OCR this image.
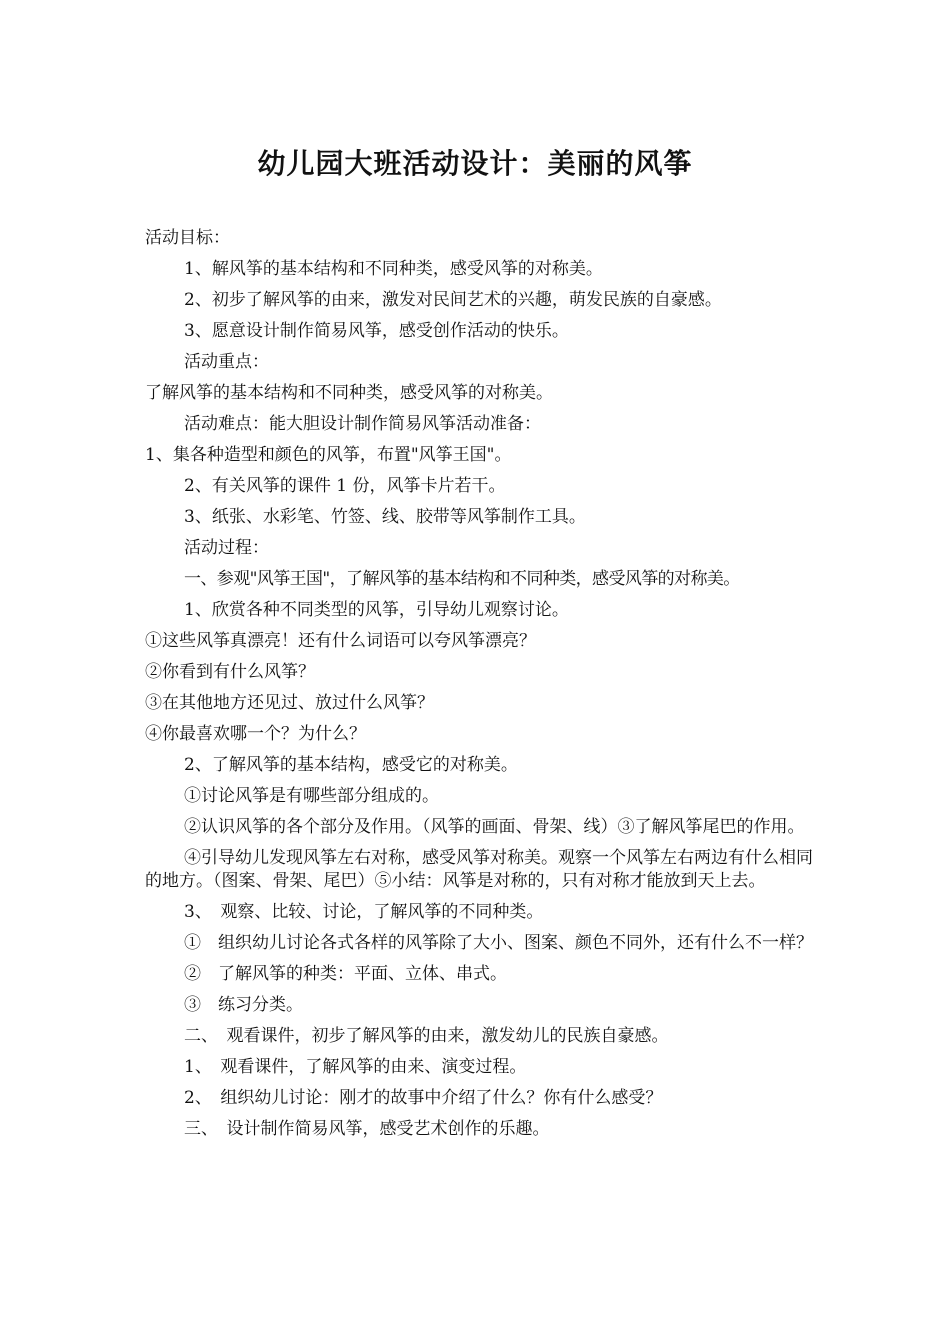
幼儿园大班活动设计：美丽的风筝

活动目标：

1、解风筝的基本结构和不同种类，感受风筝的对称美。

2、初步了解风筝的由来，激发对民间艺术的兴趣，萌发民族的自豪感。

3、愿意设计制作简易风筝，感受创作活动的快乐。

活动重点：

了解风筝的基本结构和不同种类，感受风筝的对称美。

活动难点：能大胆设计制作简易风筝活动准备：

1、集各种造型和颜色的风筝，布置"风筝王国"。

2、有关风筝的课件 1 份，风筝卡片若干。

3、纸张、水彩笔、竹签、线、胶带等风筝制作工具。

活动过程：

一、参观"风筝王国"，了解风筝的基本结构和不同种类，感受风筝的对称美。

1、欣赏各种不同类型的风筝，引导幼儿观察讨论。

①这些风筝真漂亮！还有什么词语可以夸风筝漂亮？

②你看到有什么风筝？

③在其他地方还见过、放过什么风筝？

④你最喜欢哪一个？为什么？

2、了解风筝的基本结构，感受它的对称美。

①讨论风筝是有哪些部分组成的。

②认识风筝的各个部分及作用。（风筝的画面、骨架、线）③了解风筝尾巴的作用。

④引导幼儿发现风筝左右对称，感受风筝对称美。观察一个风筝左右两边有什么相同的地方。（图案、骨架、尾巴）⑤小结：风筝是对称的，只有对称才能放到天上去。

3、　观察、比较、讨论，了解风筝的不同种类。

①　组织幼儿讨论各式各样的风筝除了大小、图案、颜色不同外，还有什么不一样？

②　了解风筝的种类：平面、立体、串式。

③　练习分类。

二、　观看课件，初步了解风筝的由来，激发幼儿的民族自豪感。

1、　观看课件，了解风筝的由来、演变过程。

2、　组织幼儿讨论：刚才的故事中介绍了什么？你有什么感受？

三、　设计制作简易风筝，感受艺术创作的乐趣。
